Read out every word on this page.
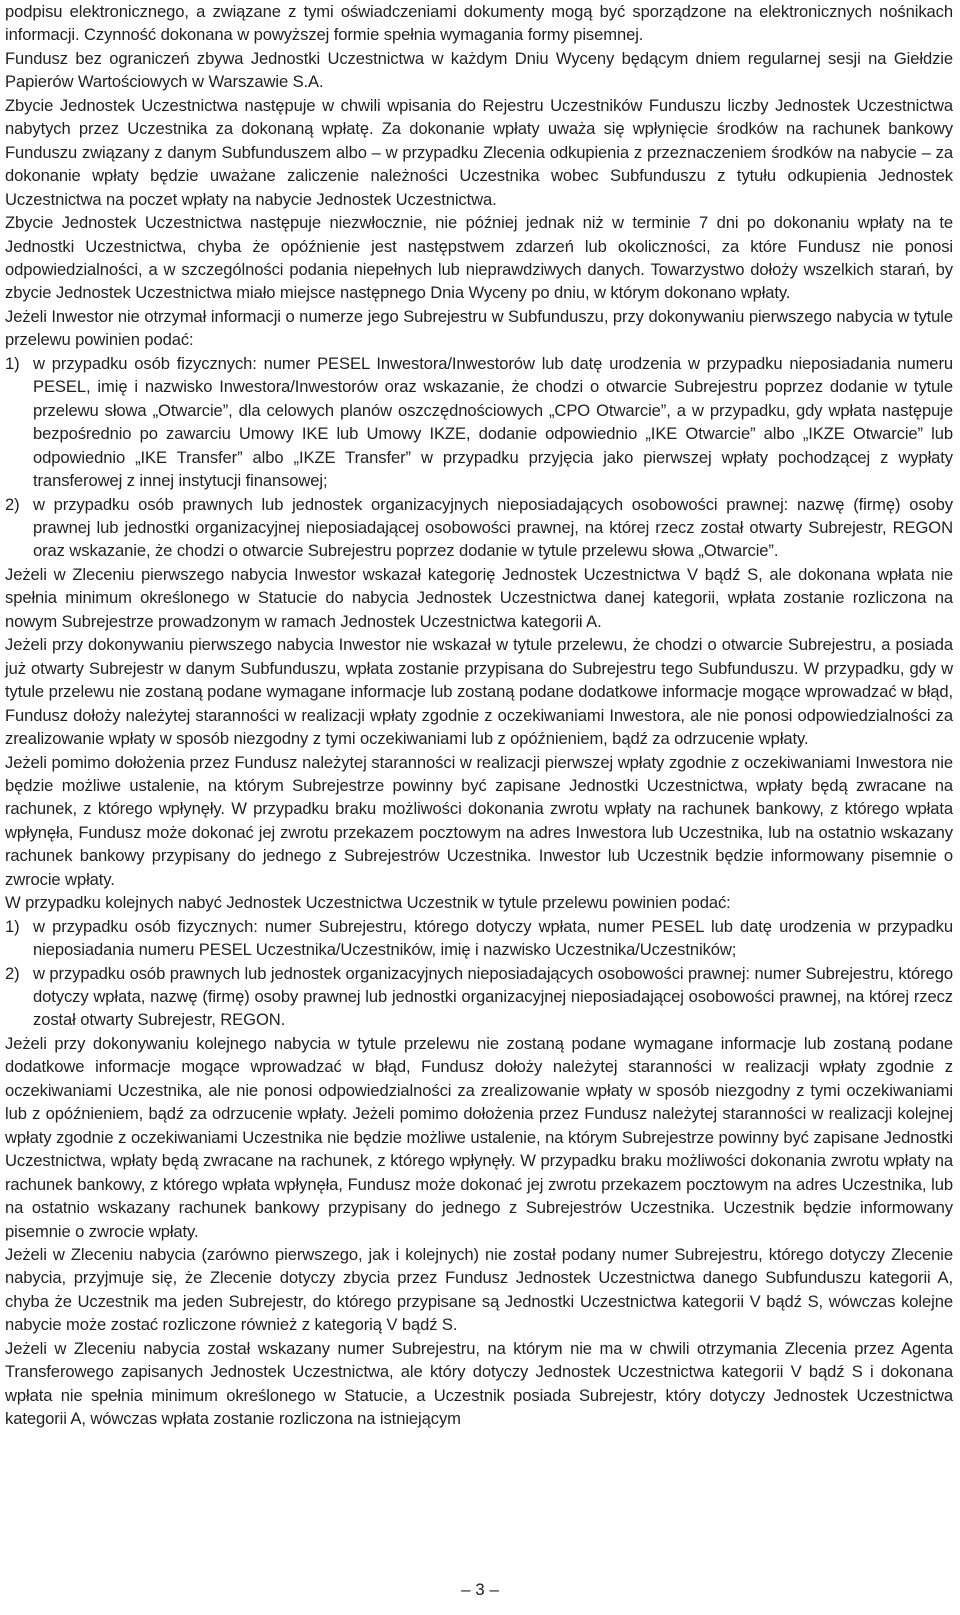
podpisu elektronicznego, a związane z tymi oświadczeniami dokumenty mogą być sporządzone na elektronicznych nośnikach informacji. Czynność dokonana w powyższej formie spełnia wymagania formy pisemnej.

Fundusz bez ograniczeń zbywa Jednostki Uczestnictwa w każdym Dniu Wyceny będącym dniem regularnej sesji na Giełdzie Papierów Wartościowych w Warszawie S.A.

Zbycie Jednostek Uczestnictwa następuje w chwili wpisania do Rejestru Uczestników Funduszu liczby Jednostek Uczestnictwa nabytych przez Uczestnika za dokonaną wpłatę. Za dokonanie wpłaty uważa się wpłynięcie środków na rachunek bankowy Funduszu związany z danym Subfunduszem albo – w przypadku Zlecenia odkupienia z przeznaczeniem środków na nabycie – za dokonanie wpłaty będzie uważane zaliczenie należności Uczestnika wobec Subfunduszu z tytułu odkupienia Jednostek Uczestnictwa na poczet wpłaty na nabycie Jednostek Uczestnictwa.

Zbycie Jednostek Uczestnictwa następuje niezwłocznie, nie później jednak niż w terminie 7 dni po dokonaniu wpłaty na te Jednostki Uczestnictwa, chyba że opóźnienie jest następstwem zdarzeń lub okoliczności, za które Fundusz nie ponosi odpowiedzialności, a w szczególności podania niepełnych lub nieprawdziwych danych. Towarzystwo dołoży wszelkich starań, by zbycie Jednostek Uczestnictwa miało miejsce następnego Dnia Wyceny po dniu, w którym dokonano wpłaty.

Jeżeli Inwestor nie otrzymał informacji o numerze jego Subrejestru w Subfunduszu, przy dokonywaniu pierwszego nabycia w tytule przelewu powinien podać:

1) w przypadku osób fizycznych: numer PESEL Inwestora/Inwestorów lub datę urodzenia w przypadku nieposiadania numeru PESEL, imię i nazwisko Inwestora/Inwestorów oraz wskazanie, że chodzi o otwarcie Subrejestru poprzez dodanie w tytule przelewu słowa „Otwarcie”, dla celowych planów oszczędnościowych „CPO Otwarcie”, a w przypadku, gdy wpłata następuje bezpośrednio po zawarciu Umowy IKE lub Umowy IKZE, dodanie odpowiednio „IKE Otwarcie” albo „IKZE Otwarcie” lub odpowiednio „IKE Transfer” albo „IKZE Transfer” w przypadku przyjęcia jako pierwszej wpłaty pochodzącej z wypłaty transferowej z innej instytucji finansowej;
2) w przypadku osób prawnych lub jednostek organizacyjnych nieposiadających osobowości prawnej: nazwę (firmę) osoby prawnej lub jednostki organizacyjnej nieposiadającej osobowości prawnej, na której rzecz został otwarty Subrejestr, REGON oraz wskazanie, że chodzi o otwarcie Subrejestru poprzez dodanie w tytule przelewu słowa „Otwarcie”.

Jeżeli w Zleceniu pierwszego nabycia Inwestor wskazał kategorię Jednostek Uczestnictwa V bądź S, ale dokonana wpłata nie spełnia minimum określonego w Statucie do nabycia Jednostek Uczestnictwa danej kategorii, wpłata zostanie rozliczona na nowym Subrejestrze prowadzonym w ramach Jednostek Uczestnictwa kategorii A.

Jeżeli przy dokonywaniu pierwszego nabycia Inwestor nie wskazał w tytule przelewu, że chodzi o otwarcie Subrejestru, a posiada już otwarty Subrejestr w danym Subfunduszu, wpłata zostanie przypisana do Subrejestru tego Subfunduszu. W przypadku, gdy w tytule przelewu nie zostaną podane wymagane informacje lub zostaną podane dodatkowe informacje mogące wprowadzać w błąd, Fundusz dołoży należytej staranności w realizacji wpłaty zgodnie z oczekiwaniami Inwestora, ale nie ponosi odpowiedzialności za zrealizowanie wpłaty w sposób niezgodny z tymi oczekiwaniami lub z opóźnieniem, bądź za odrzucenie wpłaty.

Jeżeli pomimo dołożenia przez Fundusz należytej staranności w realizacji pierwszej wpłaty zgodnie z oczekiwaniami Inwestora nie będzie możliwe ustalenie, na którym Subrejestrze powinny być zapisane Jednostki Uczestnictwa, wpłaty będą zwracane na rachunek, z którego wpłynęły. W przypadku braku możliwości dokonania zwrotu wpłaty na rachunek bankowy, z którego wpłata wpłynęła, Fundusz może dokonać jej zwrotu przekazem pocztowym na adres Inwestora lub Uczestnika, lub na ostatnio wskazany rachunek bankowy przypisany do jednego z Subrejestrów Uczestnika. Inwestor lub Uczestnik będzie informowany pisemnie o zwrocie wpłaty.

W przypadku kolejnych nabyć Jednostek Uczestnictwa Uczestnik w tytule przelewu powinien podać:

1) w przypadku osób fizycznych: numer Subrejestru, którego dotyczy wpłata, numer PESEL lub datę urodzenia w przypadku nieposiadania numeru PESEL Uczestnika/Uczestników, imię i nazwisko Uczestnika/Uczestników;
2) w przypadku osób prawnych lub jednostek organizacyjnych nieposiadających osobowości prawnej: numer Subrejestru, którego dotyczy wpłata, nazwę (firmę) osoby prawnej lub jednostki organizacyjnej nieposiadającej osobowości prawnej, na której rzecz został otwarty Subrejestr, REGON.

Jeżeli przy dokonywaniu kolejnego nabycia w tytule przelewu nie zostaną podane wymagane informacje lub zostaną podane dodatkowe informacje mogące wprowadzać w błąd, Fundusz dołoży należytej staranności w realizacji wpłaty zgodnie z oczekiwaniami Uczestnika, ale nie ponosi odpowiedzialności za zrealizowanie wpłaty w sposób niezgodny z tymi oczekiwaniami lub z opóźnieniem, bądź za odrzucenie wpłaty. Jeżeli pomimo dołożenia przez Fundusz należytej staranności w realizacji kolejnej wpłaty zgodnie z oczekiwaniami Uczestnika nie będzie możliwe ustalenie, na którym Subrejestrze powinny być zapisane Jednostki Uczestnictwa, wpłaty będą zwracane na rachunek, z którego wpłynęły. W przypadku braku możliwości dokonania zwrotu wpłaty na rachunek bankowy, z którego wpłata wpłynęła, Fundusz może dokonać jej zwrotu przekazem pocztowym na adres Uczestnika, lub na ostatnio wskazany rachunek bankowy przypisany do jednego z Subrejestrów Uczestnika. Uczestnik będzie informowany pisemnie o zwrocie wpłaty.

Jeżeli w Zleceniu nabycia (zarówno pierwszego, jak i kolejnych) nie został podany numer Subrejestru, którego dotyczy Zlecenie nabycia, przyjmuje się, że Zlecenie dotyczy zbycia przez Fundusz Jednostek Uczestnictwa danego Subfunduszu kategorii A, chyba że Uczestnik ma jeden Subrejestr, do którego przypisane są Jednostki Uczestnictwa kategorii V bądź S, wówczas kolejne nabycie może zostać rozliczone również z kategorią V bądź S.

Jeżeli w Zleceniu nabycia został wskazany numer Subrejestru, na którym nie ma w chwili otrzymania Zlecenia przez Agenta Transferowego zapisanych Jednostek Uczestnictwa, ale który dotyczy Jednostek Uczestnictwa kategorii V bądź S i dokonana wpłata nie spełnia minimum określonego w Statucie, a Uczestnik posiada Subrejestr, który dotyczy Jednostek Uczestnictwa kategorii A, wówczas wpłata zostanie rozliczona na istniejącym

– 3 –
